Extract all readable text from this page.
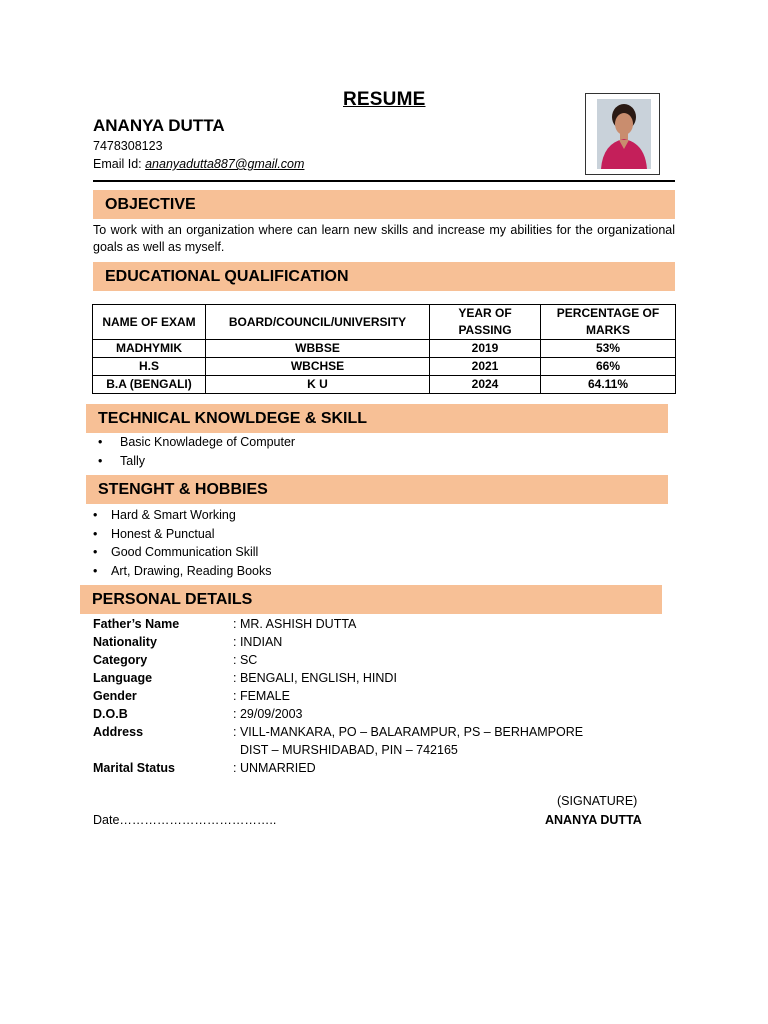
RESUME
ANANYA DUTTA
7478308123
Email Id: ananyadutta887@gmail.com
OBJECTIVE
To work with an organization where can learn new skills and increase my abilities for the organizational goals as well as myself.
EDUCATIONAL QUALIFICATION
NAME OF EXAM	BOARD/COUNCIL/UNIVERSITY	YEAR OF PASSING	PERCENTAGE OF MARKS
MADHYMIK	WBBSE	2019	53%
H.S	WBCHSE	2021	66%
B.A (BENGALI)	K U	2024	64.11%
TECHNICAL KNOWLDEGE & SKILL
• Basic Knowladege of Computer
• Tally
STENGHT & HOBBIES
• Hard & Smart Working
• Honest & Punctual
• Good Communication Skill
• Art, Drawing, Reading Books
PERSONAL DETAILS
Father’s Name	: MR. ASHISH DUTTA
Nationality	: INDIAN
Category	: SC
Language	: BENGALI, ENGLISH, HINDI
Gender	: FEMALE
D.O.B	: 29/09/2003
Address	: VILL-MANKARA, PO – BALARAMPUR, PS – BERHAMPORE
DIST – MURSHIDABAD, PIN – 742165
Marital Status	: UNMARRIED
(SIGNATURE)
Date………………………………..	ANANYA DUTTA
